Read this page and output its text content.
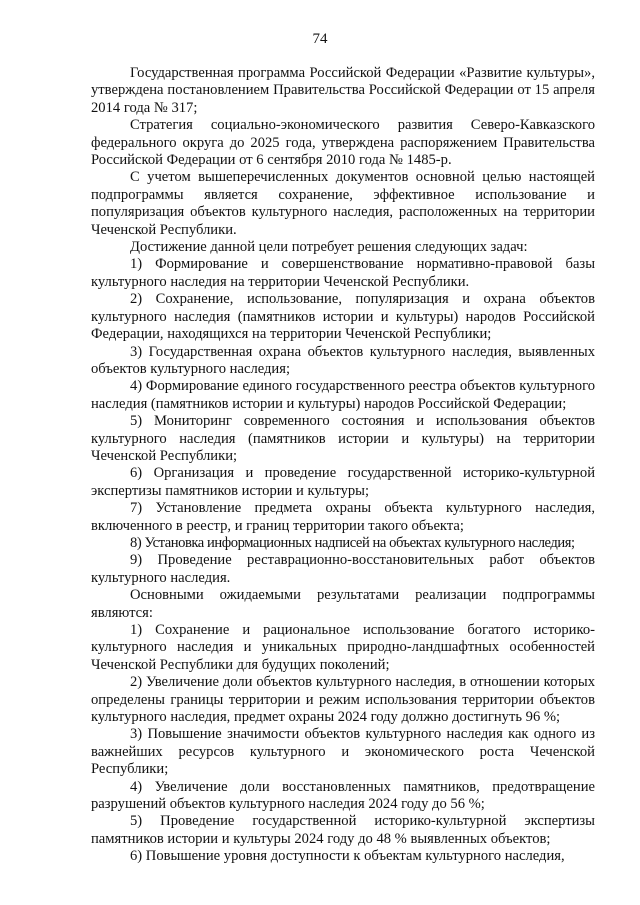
74

Государственная программа Российской Федерации «Развитие культуры», утверждена постановлением Правительства Российской Федерации от 15 апреля 2014 года № 317;

Стратегия социально-экономического развития Северо-Кавказского федерального округа до 2025 года, утверждена распоряжением Правительства Российской Федерации от 6 сентября 2010 года № 1485-р.

С учетом вышеперечисленных документов основной целью настоящей подпрограммы является сохранение, эффективное использование и популяризация объектов культурного наследия, расположенных на территории Чеченской Республики.

Достижение данной цели потребует решения следующих задач:

1) Формирование и совершенствование нормативно-правовой базы культурного наследия на территории Чеченской Республики.

2) Сохранение, использование, популяризация и охрана объектов культурного наследия (памятников истории и культуры) народов Российской Федерации, находящихся на территории Чеченской Республики;

3) Государственная охрана объектов культурного наследия, выявленных объектов культурного наследия;

4) Формирование единого государственного реестра объектов культурного наследия (памятников истории и культуры) народов Российской Федерации;

5) Мониторинг современного состояния и использования объектов культурного наследия (памятников истории и культуры) на территории Чеченской Республики;

6) Организация и проведение государственной историко-культурной экспертизы памятников истории и культуры;

7) Установление предмета охраны объекта культурного наследия, включенного в реестр, и границ территории такого объекта;

8) Установка информационных надписей на объектах культурного наследия;

9) Проведение реставрационно-восстановительных работ объектов культурного наследия.

Основными ожидаемыми результатами реализации подпрограммы являются:

1) Сохранение и рациональное использование богатого историко-культурного наследия и уникальных природно-ландшафтных особенностей Чеченской Республики для будущих поколений;

2) Увеличение доли объектов культурного наследия, в отношении которых определены границы территории и режим использования территории объектов культурного наследия, предмет охраны 2024 году должно достигнуть 96 %;

3) Повышение значимости объектов культурного наследия как одного из важнейших ресурсов культурного и экономического роста Чеченской Республики;

4) Увеличение доли восстановленных памятников, предотвращение разрушений объектов культурного наследия 2024 году до 56 %;

5) Проведение государственной историко-культурной экспертизы памятников истории и культуры 2024 году до 48 % выявленных объектов;

6) Повышение уровня доступности к объектам культурного наследия,
